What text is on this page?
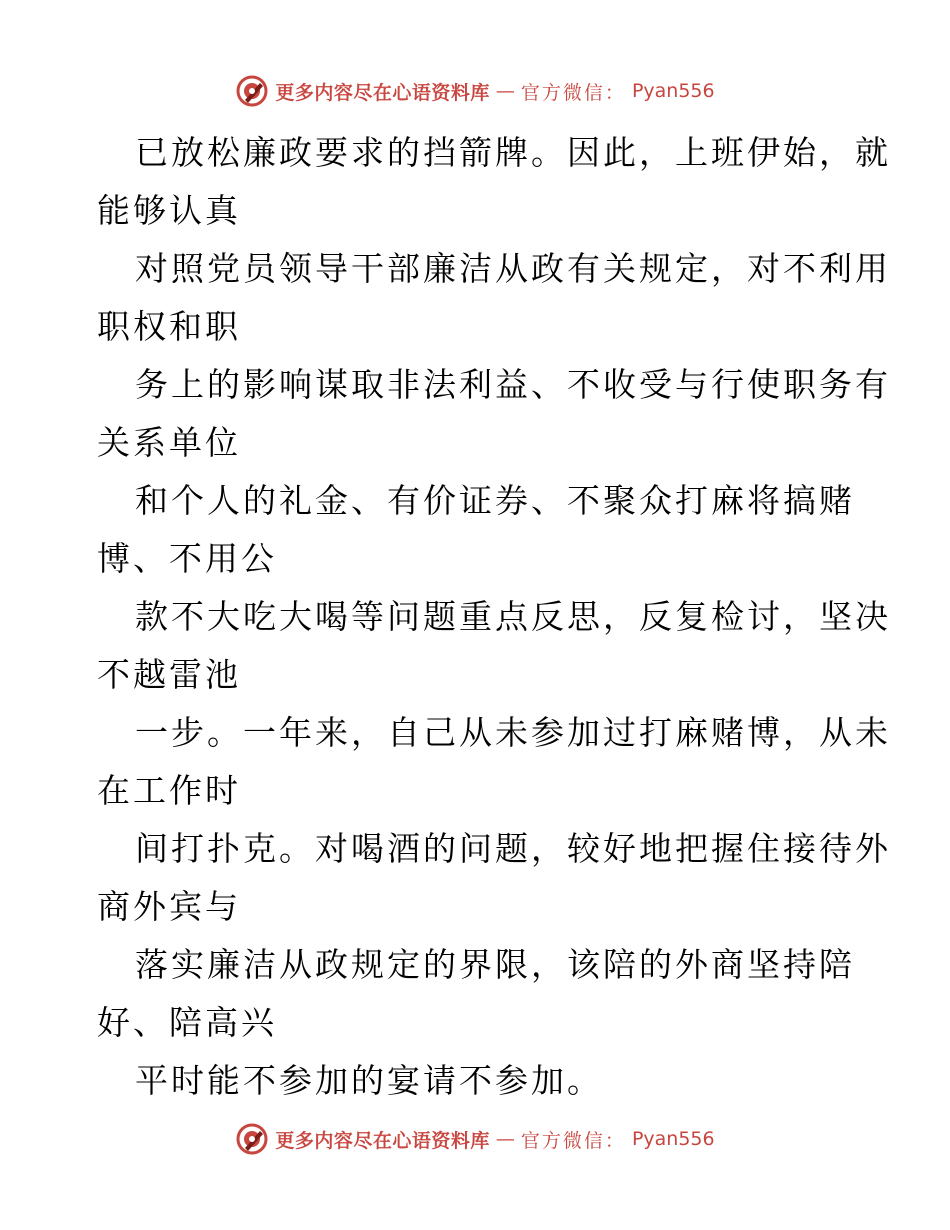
更多内容尽在心语资料库 — 官方微信： Pyan556
已放松廉政要求的挡箭牌。因此，上班伊始，就
能够认真
对照党员领导干部廉洁从政有关规定，对不利用
职权和职
务上的影响谋取非法利益、不收受与行使职务有
关系单位
和个人的礼金、有价证券、不聚众打麻将搞赌
博、不用公
款不大吃大喝等问题重点反思，反复检讨，坚决
不越雷池
一步。一年来，自己从未参加过打麻赌博，从未
在工作时
间打扑克。对喝酒的问题，较好地把握住接待外
商外宾与
落实廉洁从政规定的界限，该陪的外商坚持陪
好、陪高兴
平时能不参加的宴请不参加。
更多内容尽在心语资料库 — 官方微信： Pyan556
